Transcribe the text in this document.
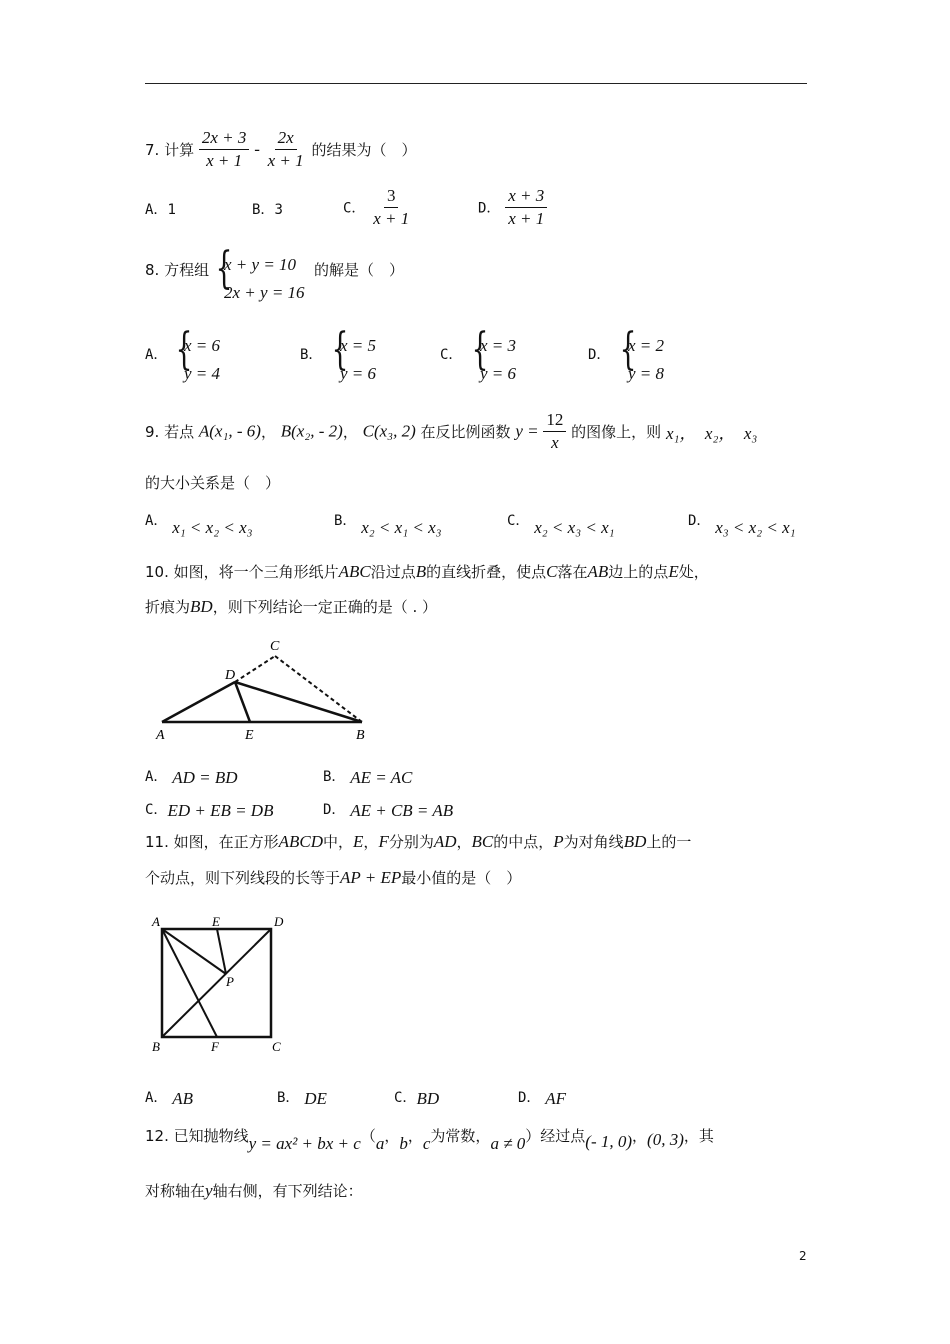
7. 计算 $\frac{2x + 3}{x + 1} - \frac{2x}{x + 1}$ 的结果为（　）
A．1	B．3	C． $\frac{3}{x + 1}$	D． $\frac{x + 3}{x + 1}$
8. 方程组 {
x + y = 10
2x + y = 16
的解是（　）
A． {
x = 6
y = 4
B． {
x = 5
y = 6
C． {
x = 3
y = 6
D． {
x = 2
y = 8
9. 若点 A(x₁, - 6)， B(x₂, - 2)， C(x₃, 2) 在反比例函数 $y = \frac{12}{x}$ 的图像上，则 x₁，　x₂，　x₃
的大小关系是（　）
A． x₁ < x₂ < x₃	B． x₂ < x₁ < x₃	C． x₂ < x₃ < x₁	D． x₃ < x₂ < x₁
10. 如图，将一个三角形纸片ABC沿过点B的直线折叠，使点C落在AB边上的点E处，
折痕为BD，则下列结论一定正确的是（ . ）
A	E	B
D
C
A． AD = BD	B． AE = AC
C．ED + EB = DB	D． AE + CB = AB
11. 如图，在正方形ABCD中，E，F分别为AD，BC的中点，P为对角线BD上的一
个动点，则下列线段的长等于AP + EP最小值的是（　）
A	E	D
P
B	F	C
A． AB	B． DE	C．BD	D． AF
12. 已知抛物线y = ax² + bx + c（a，b，c为常数，a ≠ 0）经过点(- 1, 0)，(0, 3)，其
对称轴在y轴右侧，有下列结论：
2
